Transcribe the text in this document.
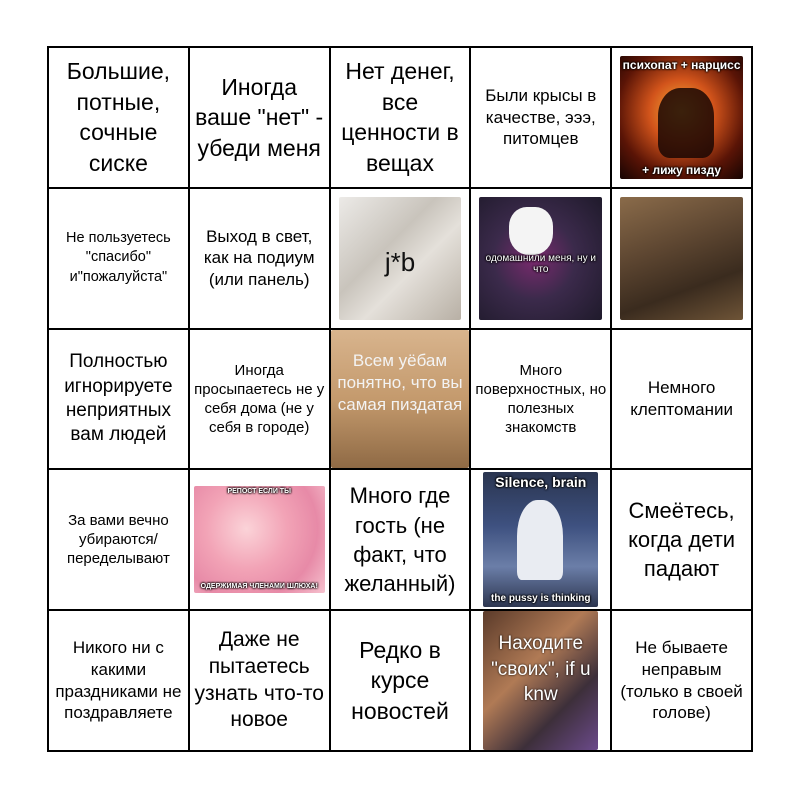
Большие, потные, сочные сиске
Иногда ваше "нет" - убеди меня
Нет денег, все ценности в вещах
Были крысы в качестве, эээ, питомцев
психопат + нарцисс
+ лижу пизду
Не пользуетесь "спасибо" и"пожалуйста"
Выход в свет, как на подиум (или панель)
j*b	одомашнили меня, ну и что
Полностью игнорируете неприятных вам людей
Иногда просыпаетесь не у себя дома (не у себя в городе)
Всем уёбам понятно, что вы самая пиздатая
Много поверхностных, но полезных знакомств
Немного клептомании
За вами вечно убираются/ переделывают
РЕПОСТ ЕСЛИ ТЫ
ОДЕРЖИМАЯ ЧЛЕНАМИ ШЛЮХА!
Много где гость (не факт, что желанный)
Silence, brain
the pussy is thinking
Смеётесь, когда дети падают
Никого ни с какими праздниками не поздравляете
Даже не пытаетесь узнать что-то новое
Редко в курсе новостей
Находите "своих", if u knw
Не бываете неправым (только в своей голове)
